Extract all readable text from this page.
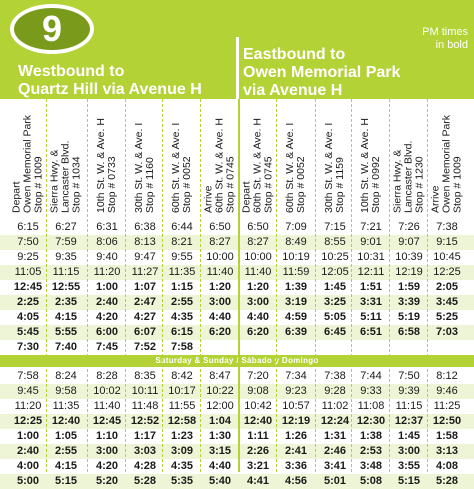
9	PM times
in bold
Westbound to
Quartz Hill via Avenue H
Eastbound to
Owen Memorial Park
via Avenue H
Depart Owen Memorial Park Stop # 1009 Sierra Hwy. & Lancaster Blvd. Stop # 1034 10th St. W. & Ave. H Stop # 0733 30th St. W. & Ave. I Stop # 1160 60th St. W. & Ave. I Stop # 0052 Arrive 60th St. W. & Ave. H Stop # 0745 Depart 60th St. W. & Ave. H Stop # 0745 60th St. W. & Ave. I Stop # 0052 30th St. W. & Ave. I Stop # 1159 10th St. W. & Ave. H Stop # 0992 Sierra Hwy. & Lancaster Blvd. Stop # 1230 Arrive Owen Memorial Park Stop # 1009
6:15	6:27	6:31	6:38	6:44	6:50	6:50	7:09	7:15	7:21	7:26	7:38
7:50	7:59	8:06	8:13	8:21	8:27	8:27	8:49	8:55	9:01	9:07	9:15
9:25	9:35	9:40	9:47	9:55	10:00 10:00 10:19	10:25 10:31 10:39 10:45
11:05	11:15	11:20	11:27 11:35	11:40	11:40	11:59	12:05 12:11 12:19 12:25
12:45 12:55	1:00	1:07	1:15	1:20	1:20	1:39	1:45	1:51	1:59	2:05
2:25	2:35	2:40	2:47	2:55	3:00	3:00	3:19	3:25	3:31	3:39	3:45
4:05	4:15	4:20	4:27	4:35	4:40	4:40	4:59	5:05	5:11	5:19	5:25
5:45	5:55	6:00	6:07	6:15	6:20	6:20	6:39	6:45	6:51	6:58	7:03
7:30	7:40	7:45	7:52	7:58
Saturday & Sunday / Sábado y Domingo
7:58	8:24	8:28	8:35	8:42	8:47	7:20	7:34	7:38	7:44	7:50	8:12
9:45	9:58	10:02 10:11 10:17 10:22	9:08	9:23	9:28	9:33	9:39	9:46
11:20	11:35	11:40	11:48 11:55 12:00 10:42 10:57	11:02 11:08	11:15	11:25
12:25 12:40	12:45 12:52 12:58	1:04	12:40 12:19 12:24 12:30 12:37 12:50
1:00	1:05	1:10	1:17	1:23	1:30	1:11	1:26	1:31	1:38	1:45	1:58
2:40	2:55	3:00	3:03	3:09	3:15	2:26	2:41	2:46	2:53	3:00	3:13
4:00	4:15	4:20	4:28	4:35	4:40	3:21	3:36	3:41	3:48	3:55	4:08
5:00	5:15	5:20	5:28	5:35	5:40	4:41	4:56	5:01	5:08	5:15	5:28
